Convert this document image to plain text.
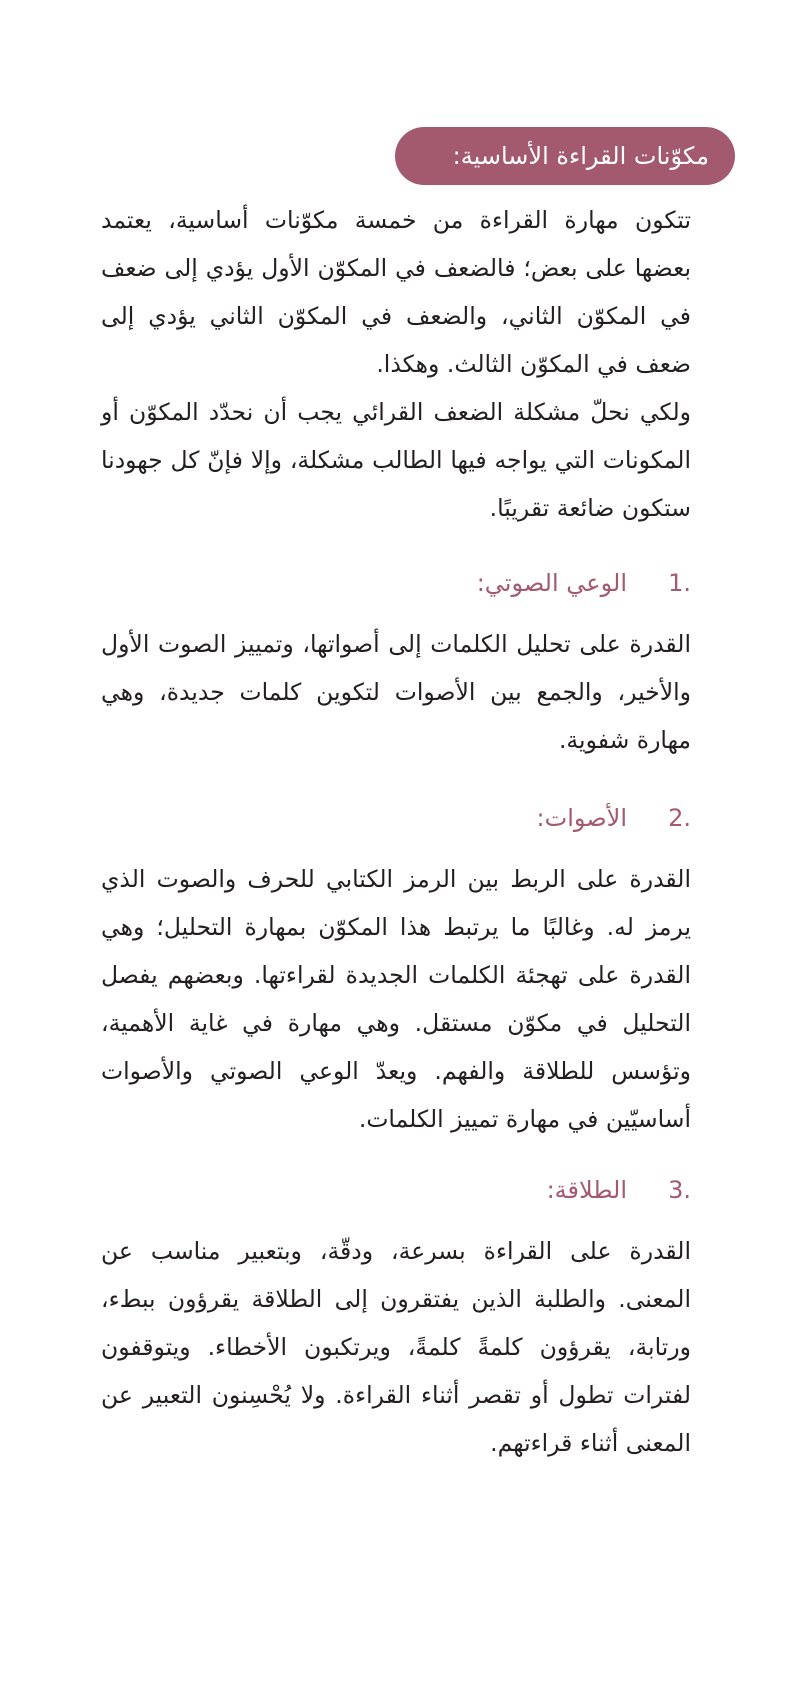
مكوّنات القراءة الأساسية:

تتكون مهارة القراءة من خمسة مكوّنات أساسية، يعتمد بعضها على بعض؛ فالضعف في المكوّن الأول يؤدي إلى ضعف في المكوّن الثاني، والضعف في المكوّن الثاني يؤدي إلى ضعف في المكوّن الثالث. وهكذا.

ولكي نحلّ مشكلة الضعف القرائي يجب أن نحدّد المكوّن أو المكونات التي يواجه فيها الطالب مشكلة، وإلا فإنّ كل جهودنا ستكون ضائعة تقريبًا.

1.الوعي الصوتي:

القدرة على تحليل الكلمات إلى أصواتها، وتمييز الصوت الأول والأخير، والجمع بين الأصوات لتكوين كلمات جديدة، وهي مهارة شفوية.

2.الأصوات:

القدرة على الربط بين الرمز الكتابي للحرف والصوت الذي يرمز له. وغالبًا ما يرتبط هذا المكوّن بمهارة التحليل؛ وهي القدرة على تهجئة الكلمات الجديدة لقراءتها. وبعضهم يفصل التحليل في مكوّن مستقل. وهي مهارة في غاية الأهمية، وتؤسس للطلاقة والفهم. ويعدّ الوعي الصوتي والأصوات أساسيّين في مهارة تمييز الكلمات.

3.الطلاقة:

القدرة على القراءة بسرعة، ودقّة، وبتعبير مناسب عن المعنى. والطلبة الذين يفتقرون إلى الطلاقة يقرؤون ببطء، ورتابة، يقرؤون كلمةً كلمةً، ويرتكبون الأخطاء. ويتوقفون لفترات تطول أو تقصر أثناء القراءة. ولا يُحْسِنون التعبير عن المعنى أثناء قراءتهم.
